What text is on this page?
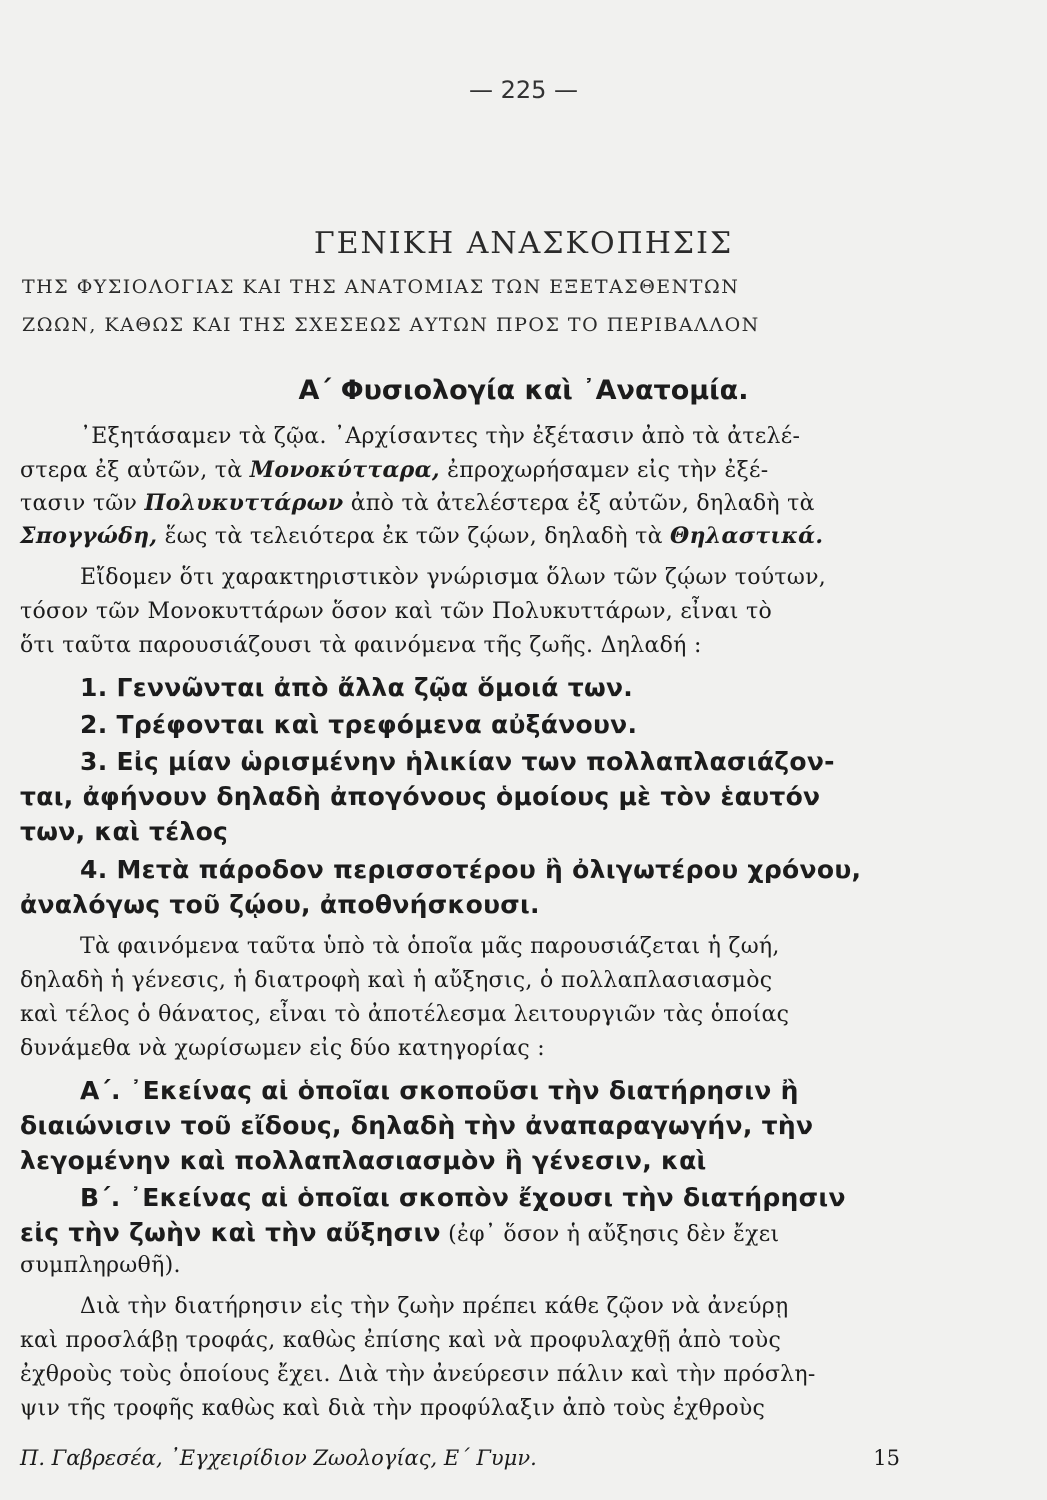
— 225 —
ΓΕΝΙΚΗ ΑΝΑΣΚΟΠΗΣΙΣ
ΤΗΣ ΦΥΣΙΟΛΟΓΙΑΣ ΚΑΙ ΤΗΣ ΑΝΑΤΟΜΙΑΣ ΤΩΝ ΕΞΕΤΑΣΘΕΝΤΩΝ
ΖΩΩΝ, ΚΑΘΩΣ ΚΑΙ ΤΗΣ ΣΧΕΣΕΩΣ ΑΥΤΩΝ ΠΡΟΣ ΤΟ ΠΕΡΙΒΑΛΛΟΝ
Α΄ Φυσιολογία καὶ ᾽Ανατομία.
᾽Εξητάσαμεν τὰ ζῷα. ᾽Αρχίσαντες τὴν ἐξέτασιν ἀπὸ τὰ ἀτελέ-
στερα ἐξ αὐτῶν, τὰ Μονοκύτταρα, ἐπροχωρήσαμεν εἰς τὴν ἐξέ-
τασιν τῶν Πολυκυττάρων ἀπὸ τὰ ἀτελέστερα ἐξ αὐτῶν, δηλαδὴ τὰ
Σπογγώδη, ἕως τὰ τελειότερα ἐκ τῶν ζῴων, δηλαδὴ τὰ Θηλαστικά.
Εἴδομεν ὅτι χαρακτηριστικὸν γνώρισμα ὅλων τῶν ζῴων τούτων,
τόσον τῶν Μονοκυττάρων ὅσον καὶ τῶν Πολυκυττάρων, εἶναι τὸ
ὅτι ταῦτα παρουσιάζουσι τὰ φαινόμενα τῆς ζωῆς. Δηλαδή :
1. Γεννῶνται ἀπὸ ἄλλα ζῷα ὅμοιά των.
2. Τρέφονται καὶ τρεφόμενα αὐξάνουν.
3. Εἰς μίαν ὡρισμένην ἡλικίαν των πολλαπλασιάζον-
ται, ἀφήνουν δηλαδὴ ἀπογόνους ὁμοίους μὲ τὸν ἑαυτόν
των, καὶ τέλος
4. Μετὰ πάροδον περισσοτέρου ἢ ὀλιγωτέρου χρόνου,
ἀναλόγως τοῦ ζῴου, ἀποθνήσκουσι.
Τὰ φαινόμενα ταῦτα ὑπὸ τὰ ὁποῖα μᾶς παρουσιάζεται ἡ ζωή,
δηλαδὴ ἡ γένεσις, ἡ διατροφὴ καὶ ἡ αὔξησις, ὁ πολλαπλασιασμὸς
καὶ τέλος ὁ θάνατος, εἶναι τὸ ἀποτέλεσμα λειτουργιῶν τὰς ὁποίας
δυνάμεθα νὰ χωρίσωμεν εἰς δύο κατηγορίας :
Α΄. ᾽Εκείνας αἱ ὁποῖαι σκοποῦσι τὴν διατήρησιν ἢ
διαιώνισιν τοῦ εἴδους, δηλαδὴ τὴν ἀναπαραγωγήν, τὴν
λεγομένην καὶ πολλαπλασιασμὸν ἢ γένεσιν, καὶ
Β΄. ᾽Εκείνας αἱ ὁποῖαι σκοπὸν ἔχουσι τὴν διατήρησιν
εἰς τὴν ζωὴν καὶ τὴν αὔξησιν (ἐφ᾽ ὅσον ἡ αὔξησις δὲν ἔχει
συμπληρωθῆ).
Διὰ τὴν διατήρησιν εἰς τὴν ζωὴν πρέπει κάθε ζῷον νὰ ἀνεύρῃ
καὶ προσλάβῃ τροφάς, καθὼς ἐπίσης καὶ νὰ προφυλαχθῇ ἀπὸ τοὺς
ἐχθροὺς τοὺς ὁποίους ἔχει. Διὰ τὴν ἀνεύρεσιν πάλιν καὶ τὴν πρόσλη-
ψιν τῆς τροφῆς καθὼς καὶ διὰ τὴν προφύλαξιν ἀπὸ τοὺς ἐχθροὺς
Π. Γαβρεσέα, ᾽Εγχειρίδιον Ζωολογίας, Ε΄ Γυμν.	15
